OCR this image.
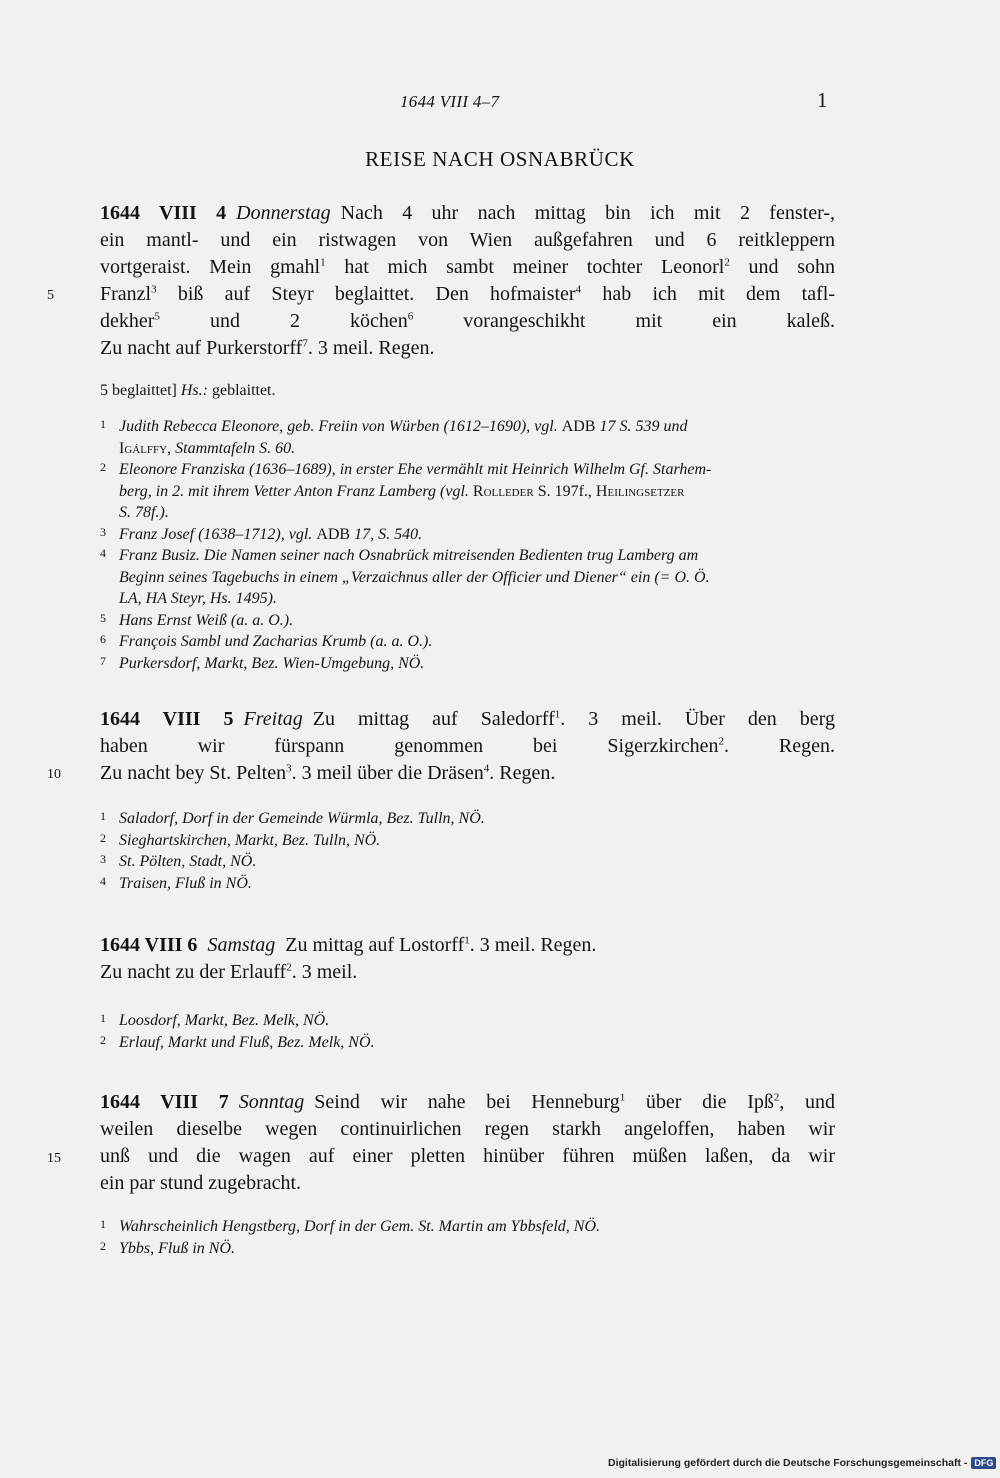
1644 VIII 4–7	1
REISE NACH OSNABRÜCK
5
10
15
1644 VIII 4 Donnerstag Nach 4 uhr nach mittag bin ich mit 2 fenster-,
ein mantl- und ein ristwagen von Wien außgefahren und 6 reitkleppern
vortgeraist. Mein gmahl$^1$ hat mich sambt meiner tochter Leonorl$^2$ und sohn
Franzl$^3$ biß auf Steyr beglaittet. Den hofmaister$^4$ hab ich mit dem tafl-
dekher$^5$ und 2 köchen$^6$ vorangeschikht mit ein kaleß.
Zu nacht auf Purkerstorff$^7$. 3 meil. Regen.
5 beglaittet] Hs.: geblaittet.
1 Judith Rebecca Eleonore, geb. Freiin von Würben (1612–1690), vgl. ADB 17 S. 539 und
Igálffy, Stammtafeln S. 60.
2 Eleonore Franziska (1636–1689), in erster Ehe vermählt mit Heinrich Wilhelm Gf. Starhem-
berg, in 2. mit ihrem Vetter Anton Franz Lamberg (vgl. Rolleder S. 197f., Heilingsetzer
S. 78f.).
3 Franz Josef (1638–1712), vgl. ADB 17, S. 540.
4 Franz Busiz. Die Namen seiner nach Osnabrück mitreisenden Bedienten trug Lamberg am
Beginn seines Tagebuchs in einem „Verzaichnus aller der Officier und Diener“ ein (= O. Ö.
LA, HA Steyr, Hs. 1495).
5 Hans Ernst Weiß (a. a. O.).
6 François Sambl und Zacharias Krumb (a. a. O.).
7 Purkersdorf, Markt, Bez. Wien-Umgebung, NÖ.
1644 VIII 5 Freitag Zu mittag auf Saledorff$^1$. 3 meil. Über den berg
haben wir fürspann genommen bei Sigerzkirchen$^2$. Regen.
Zu nacht bey St. Pelten$^3$. 3 meil über die Dräsen$^4$. Regen.
1 Saladorf, Dorf in der Gemeinde Würmla, Bez. Tulln, NÖ.
2 Sieghartskirchen, Markt, Bez. Tulln, NÖ.
3 St. Pölten, Stadt, NÖ.
4 Traisen, Fluß in NÖ.
1644 VIII 6 Samstag Zu mittag auf Lostorff$^1$. 3 meil. Regen.
Zu nacht zu der Erlauff$^2$. 3 meil.
1 Loosdorf, Markt, Bez. Melk, NÖ.
2 Erlauf, Markt und Fluß, Bez. Melk, NÖ.
1644 VIII 7 Sonntag Seind wir nahe bei Henneburg$^1$ über die Ipß$^2$, und
weilen dieselbe wegen continuirlichen regen starkh angeloffen, haben wir
unß und die wagen auf einer pletten hinüber führen müßen laßen, da wir
ein par stund zugebracht.
1 Wahrscheinlich Hengstberg, Dorf in der Gem. St. Martin am Ybbsfeld, NÖ.
2 Ybbs, Fluß in NÖ.
Digitalisierung gefördert durch die Deutsche Forschungsgemeinschaft - DFG
